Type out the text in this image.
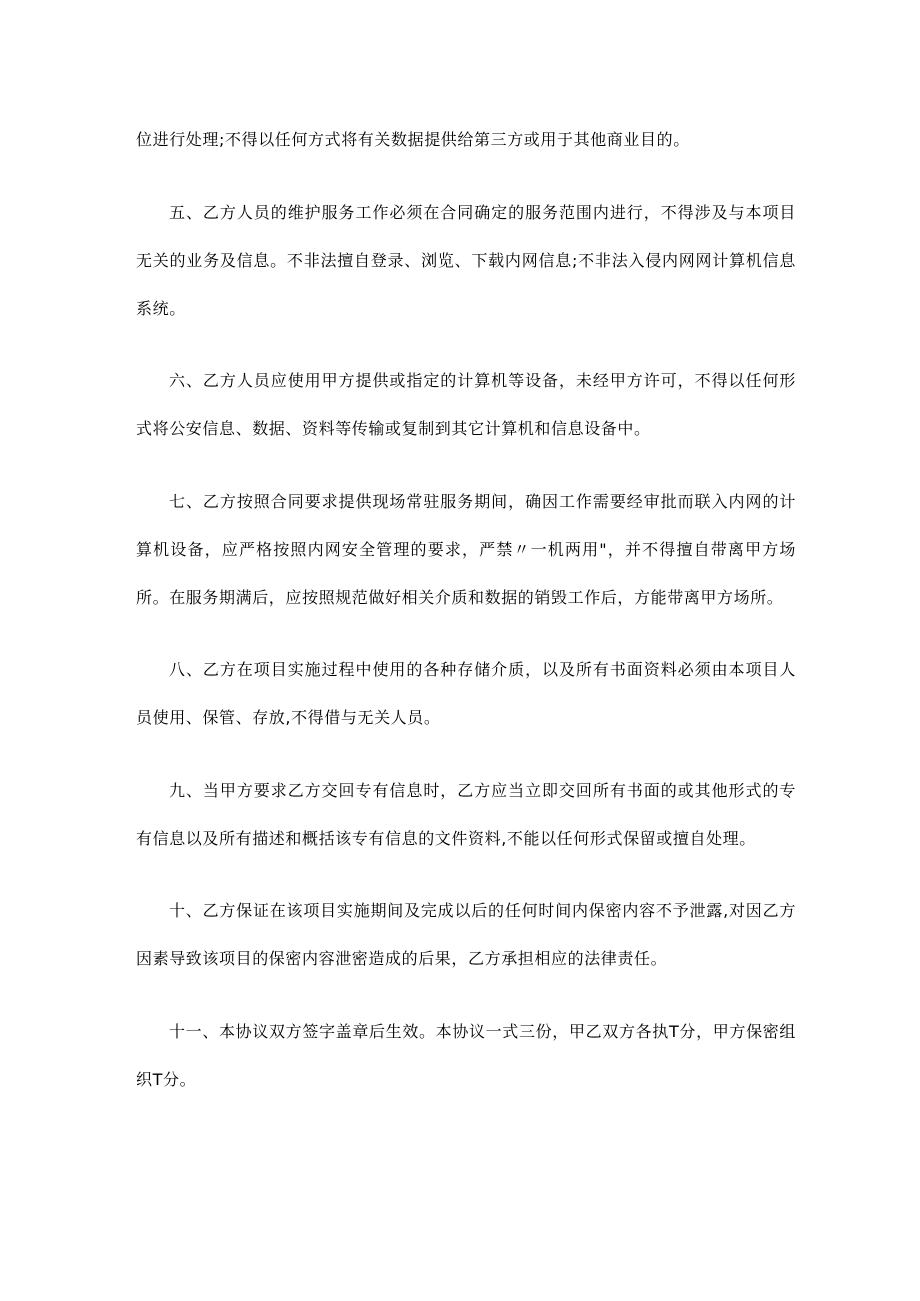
位进行处理;不得以任何方式将有关数据提供给第三方或用于其他商业目的。

五、乙方人员的维护服务工作必须在合同确定的服务范围内进行，不得涉及与本项目无关的业务及信息。不非法擅自登录、浏览、下载内网信息;不非法入侵内网网计算机信息系统。

六、乙方人员应使用甲方提供或指定的计算机等设备，未经甲方许可，不得以任何形式将公安信息、数据、资料等传输或复制到其它计算机和信息设备中。

七、乙方按照合同要求提供现场常驻服务期间，确因工作需要经审批而联入内网的计算机设备，应严格按照内网安全管理的要求，严禁〃一机两用"，并不得擅自带离甲方场所。在服务期满后，应按照规范做好相关介质和数据的销毁工作后，方能带离甲方场所。

八、乙方在项目实施过程中使用的各种存储介质，以及所有书面资料必须由本项目人员使用、保管、存放,不得借与无关人员。

九、当甲方要求乙方交回专有信息时，乙方应当立即交回所有书面的或其他形式的专有信息以及所有描述和概括该专有信息的文件资料,不能以任何形式保留或擅自处理。

十、乙方保证在该项目实施期间及完成以后的任何时间内保密内容不予泄露,对因乙方因素导致该项目的保密内容泄密造成的后果，乙方承担相应的法律责任。

十一、本协议双方签字盖章后生效。本协议一式三份，甲乙双方各执T分，甲方保密组织T分。
